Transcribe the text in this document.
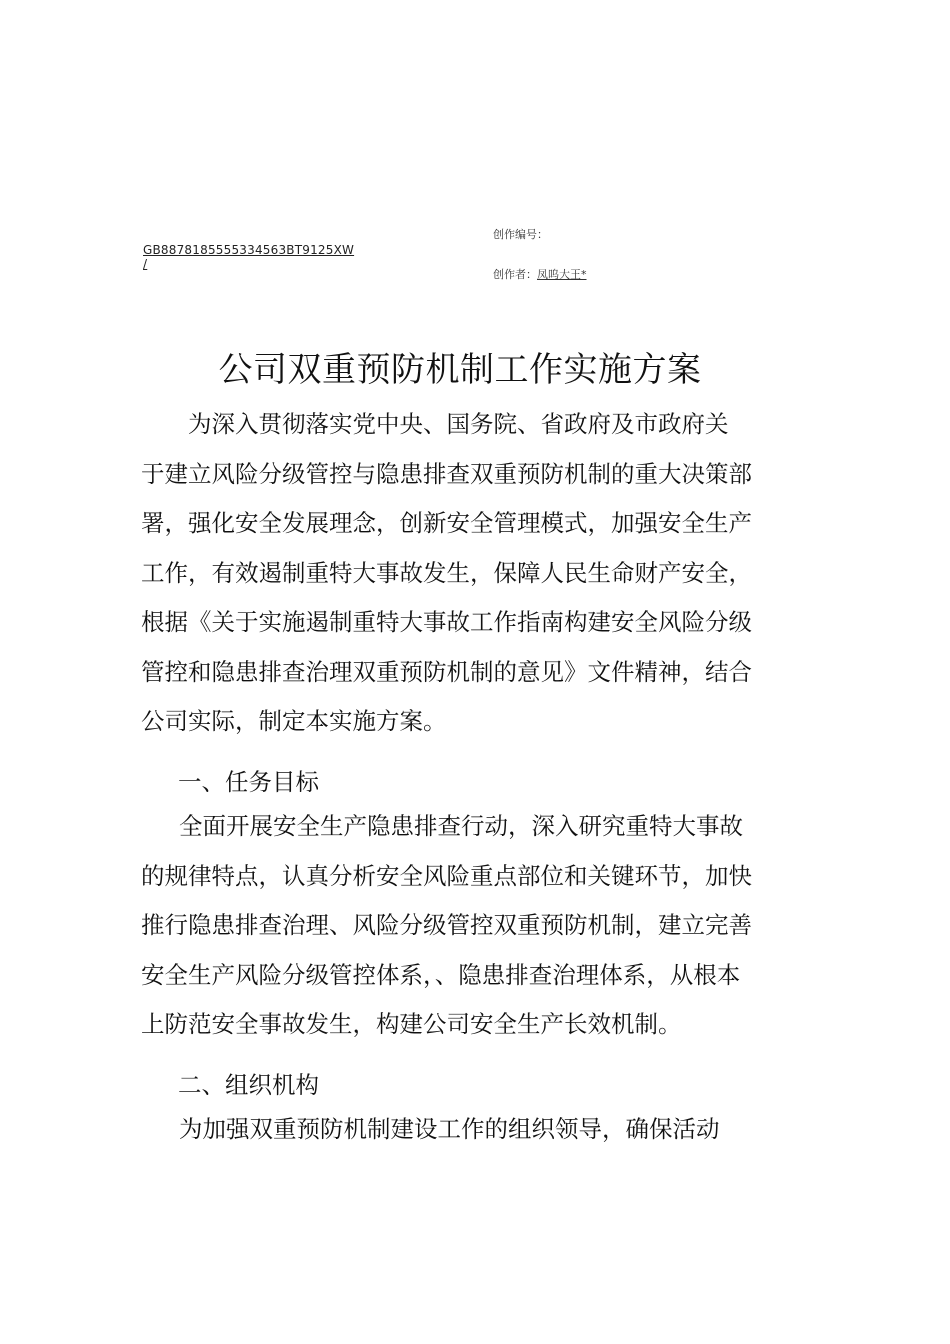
GB8878185555334563BT9125XW
/
创作编号：
创作者：凤呜大王*
公司双重预防机制工作实施方案
为深入贯彻落实党中央、国务院、省政府及市政府关
于建立风险分级管控与隐患排查双重预防机制的重大决策部
署，强化安全发展理念，创新安全管理模式，加强安全生产
工作，有效遏制重特大事故发生，保障人民生命财产安全，
根据《关于实施遏制重特大事故工作指南构建安全风险分级
管控和隐患排查治理双重预防机制的意见》文件精神，结合
公司实际，制定本实施方案。
一、任务目标
全面开展安全生产隐患排查行动，深入研究重特大事故
的规律特点，认真分析安全风险重点部位和关键环节，加快
推行隐患排查治理、风险分级管控双重预防机制，建立完善
安全生产风险分级管控体系，、隐患排查治理体系，从根本
上防范安全事故发生，构建公司安全生产长效机制。
二、组织机构
为加强双重预防机制建设工作的组织领导，确保活动
